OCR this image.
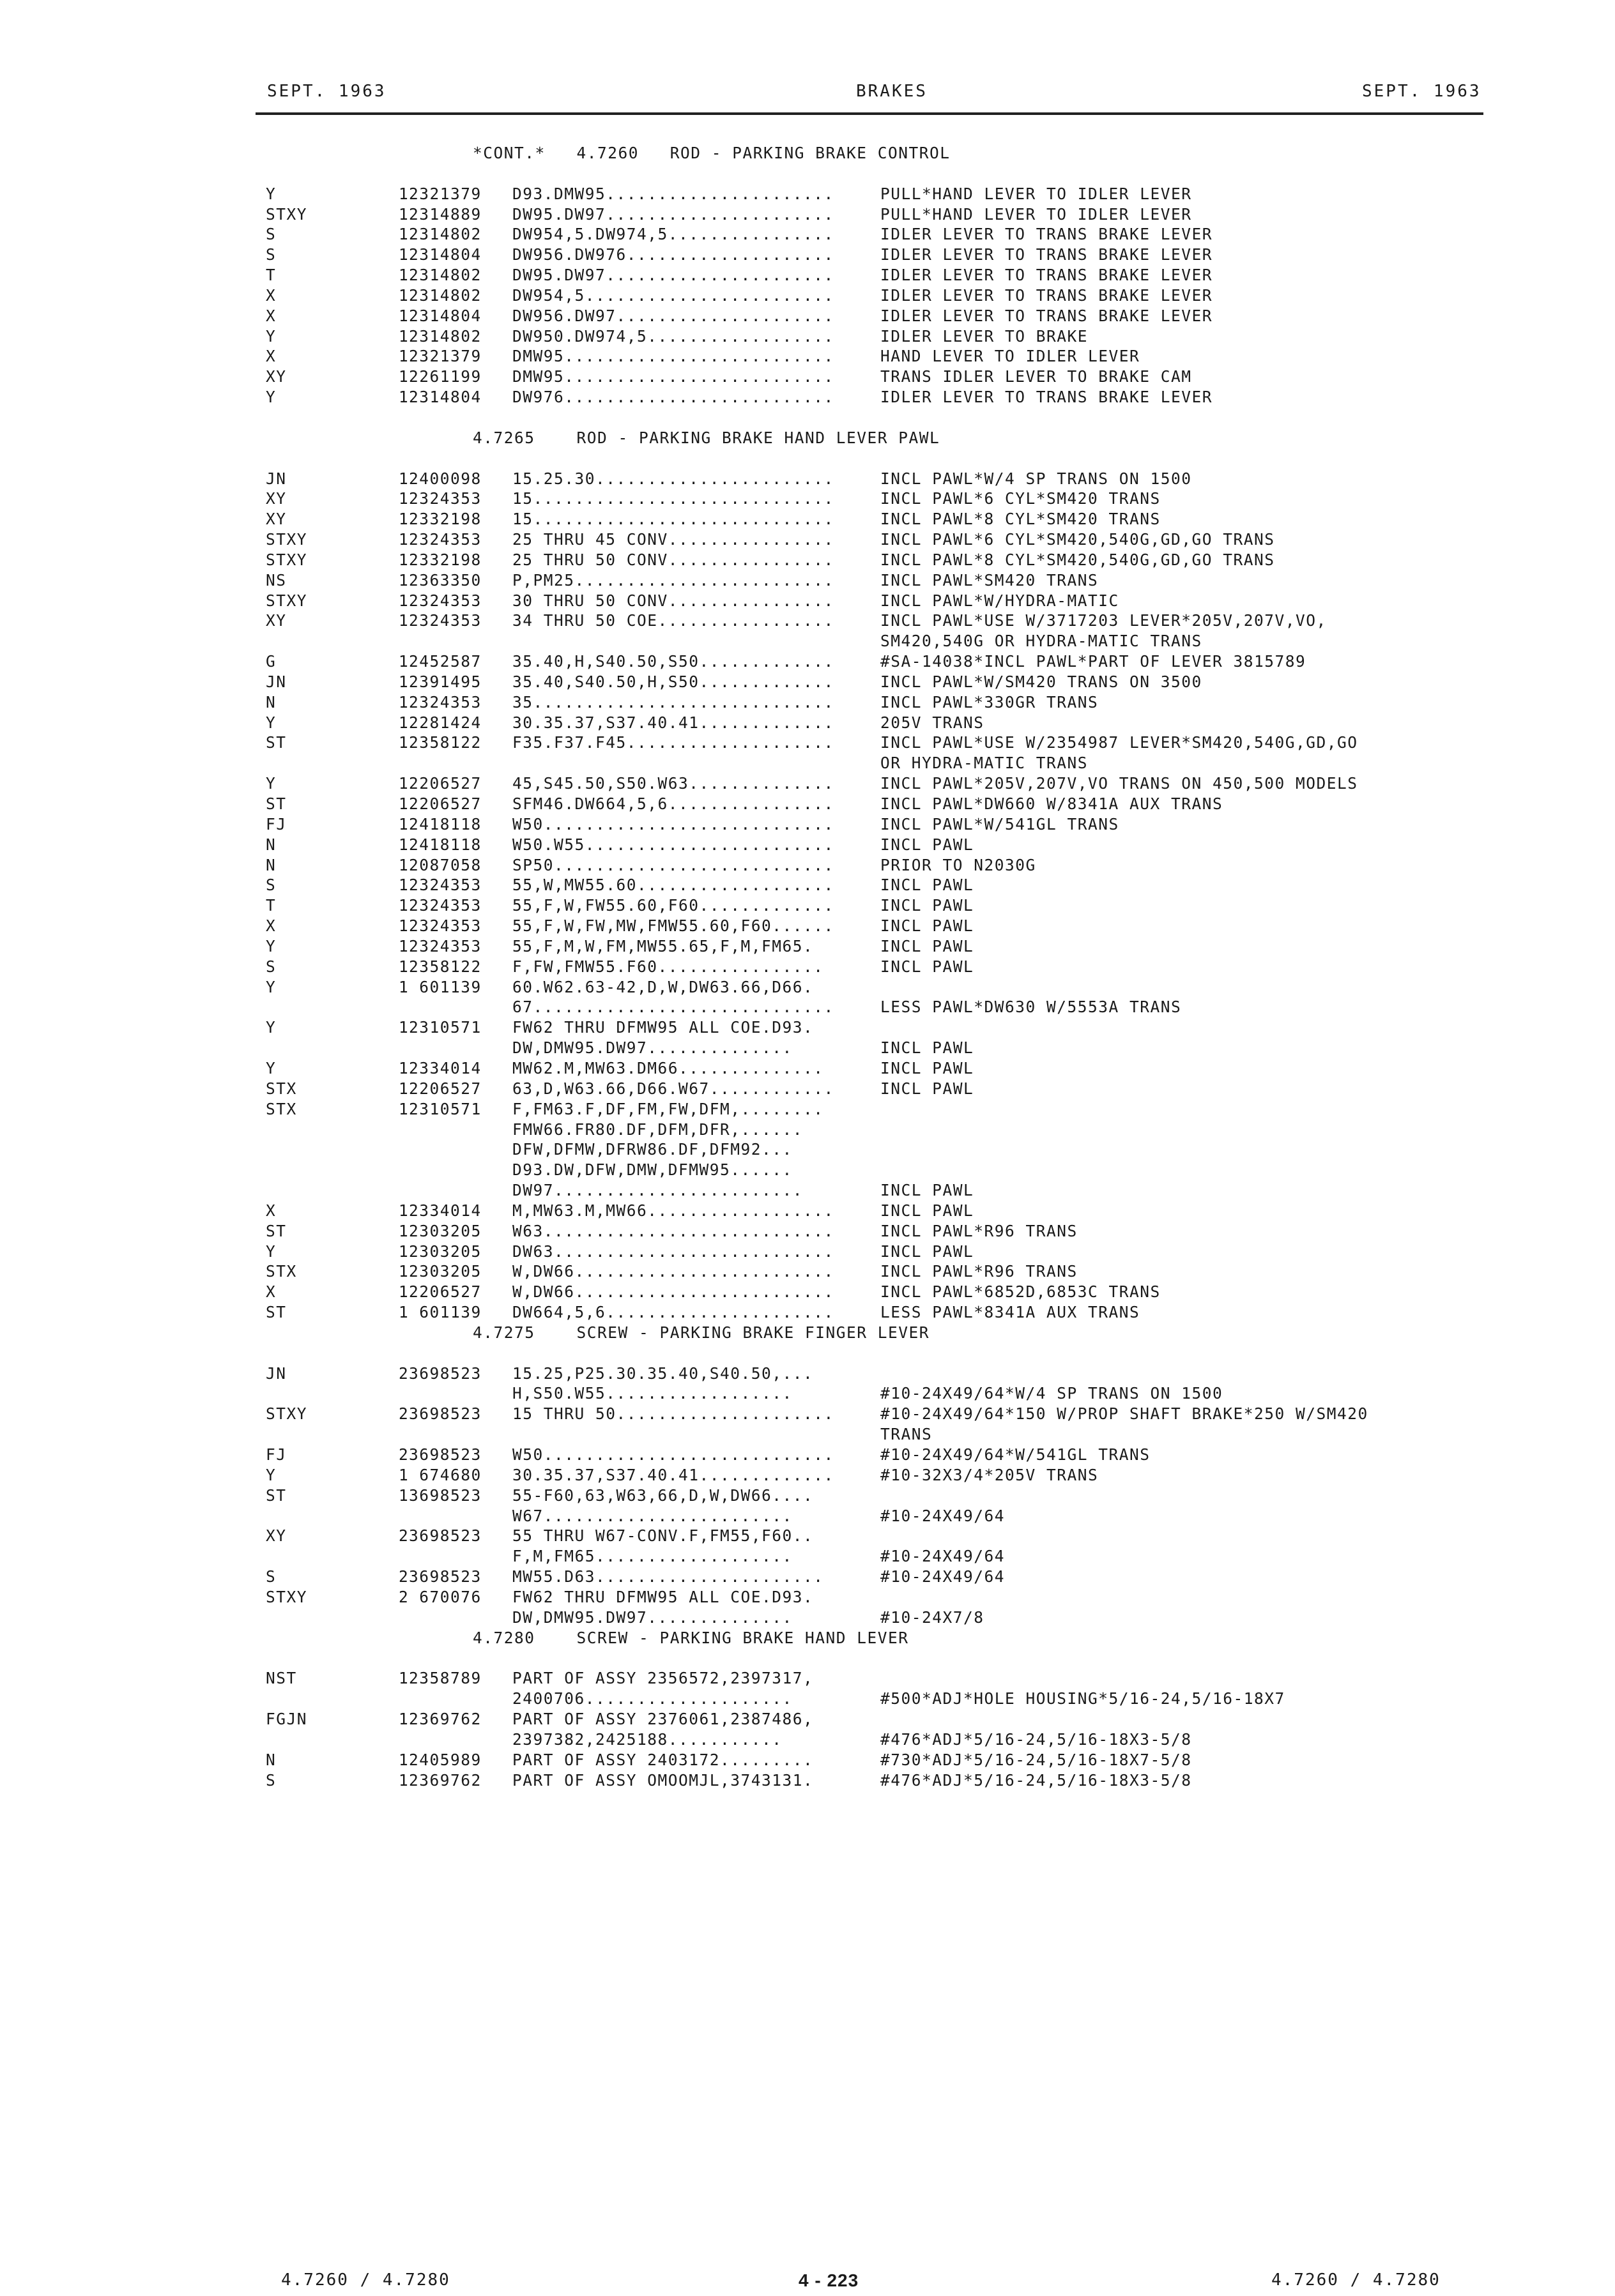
SEPT. 1963	BRAKES	SEPT. 1963
*CONT.*   4.7260   ROD - PARKING BRAKE CONTROL
Y	1 2321379 D93.DMW95......................	PULL*HAND LEVER TO IDLER LEVER
STXY	1 2314889 DW95.DW97......................	PULL*HAND LEVER TO IDLER LEVER
S	1 2314802 DW954,5.DW974,5................	IDLER LEVER TO TRANS BRAKE LEVER
S	1 2314804 DW956.DW976....................	IDLER LEVER TO TRANS BRAKE LEVER
T	1 2314802 DW95.DW97......................	IDLER LEVER TO TRANS BRAKE LEVER
X	1 2314802 DW954,5........................	IDLER LEVER TO TRANS BRAKE LEVER
X	1 2314804 DW956.DW97.....................	IDLER LEVER TO TRANS BRAKE LEVER
Y	1 2314802 DW950.DW974,5..................	IDLER LEVER TO BRAKE
X	1 2321379 DMW95..........................	HAND LEVER TO IDLER LEVER
XY	1 2261199 DMW95..........................	TRANS IDLER LEVER TO BRAKE CAM
Y	1 2314804 DW976..........................	IDLER LEVER TO TRANS BRAKE LEVER
4.7265    ROD - PARKING BRAKE HAND LEVER PAWL
JN	1 2400098 15.25.30.......................	INCL PAWL*W/4 SP TRANS ON 1500
XY	1 2324353 15.............................	INCL PAWL*6 CYL*SM420 TRANS
XY	1 2332198 15.............................	INCL PAWL*8 CYL*SM420 TRANS
STXY	1 2324353 25 THRU 45 CONV................	INCL PAWL*6 CYL*SM420,540G,GD,GO TRANS
STXY	1 2332198 25 THRU 50 CONV................	INCL PAWL*8 CYL*SM420,540G,GD,GO TRANS
NS	1 2363350 P,PM25.........................	INCL PAWL*SM420 TRANS
STXY	1 2324353 30 THRU 50 CONV................	INCL PAWL*W/HYDRA-MATIC
XY	1 2324353 34 THRU 50 COE.................	INCL PAWL*USE W/3717203 LEVER*205V,207V,VO,
SM420,540G OR HYDRA-MATIC TRANS
G	1 2452587 35.40,H,S40.50,S50.............	#SA-14038*INCL PAWL*PART OF LEVER 3815789
JN	1 2391495 35.40,S40.50,H,S50.............	INCL PAWL*W/SM420 TRANS ON 3500
N	1 2324353 35.............................	INCL PAWL*330GR TRANS
Y	1 2281424 30.35.37,S37.40.41.............	205V TRANS
ST	1 2358122 F35.F37.F45....................	INCL PAWL*USE W/2354987 LEVER*SM420,540G,GD,GO
OR HYDRA-MATIC TRANS
Y	1 2206527 45,S45.50,S50.W63..............	INCL PAWL*205V,207V,VO TRANS ON 450,500 MODELS
ST	1 2206527 SFM46.DW664,5,6................	INCL PAWL*DW660 W/8341A AUX TRANS
FJ	1 2418118 W50............................	INCL PAWL*W/541GL TRANS
N	1 2418118 W50.W55........................	INCL PAWL
N	1 2087058 SP50...........................	PRIOR TO N2030G
S	1 2324353 55,W,MW55.60...................	INCL PAWL
T	1 2324353 55,F,W,FW55.60,F60.............	INCL PAWL
X	1 2324353 55,F,W,FW,MW,FMW55.60,F60......	INCL PAWL
Y	1 2324353 55,F,M,W,FM,MW55.65,F,M,FM65.	INCL PAWL
S	1 2358122 F,FW,FMW55.F60................	INCL PAWL
Y	1 601139 60.W62.63-42,D,W,DW63.66,D66.
67.............................	LESS PAWL*DW630 W/5553A TRANS
Y	1 2310571 FW62 THRU DFMW95 ALL COE.D93.
DW,DMW95.DW97..............	INCL PAWL
Y	1 2334014 MW62.M,MW63.DM66..............	INCL PAWL
STX	1 2206527 63,D,W63.66,D66.W67............	INCL PAWL
STX	1 2310571 F,FM63.F,DF,FM,FW,DFM,........
FMW66.FR80.DF,DFM,DFR,......
DFW,DFMW,DFRW86.DF,DFM92...
D93.DW,DFW,DMW,DFMW95......
DW97........................	INCL PAWL
X	1 2334014 M,MW63.M,MW66..................	INCL PAWL
ST	1 2303205 W63............................	INCL PAWL*R96 TRANS
Y	1 2303205 DW63...........................	INCL PAWL
STX	1 2303205 W,DW66.........................	INCL PAWL*R96 TRANS
X	1 2206527 W,DW66.........................	INCL PAWL*6852D,6853C TRANS
ST	1 601139 DW664,5,6......................	LESS PAWL*8341A AUX TRANS
4.7275    SCREW - PARKING BRAKE FINGER LEVER
JN	2 3698523 15.25,P25.30.35.40,S40.50,...
H,S50.W55..................	#10-24X49/64*W/4 SP TRANS ON 1500
STXY	2 3698523 15 THRU 50.....................	#10-24X49/64*150 W/PROP SHAFT BRAKE*250 W/SM420
TRANS
FJ	2 3698523 W50............................	#10-24X49/64*W/541GL TRANS
Y	1 674680 30.35.37,S37.40.41.............	#10-32X3/4*205V TRANS
ST	1 3698523 55-F60,63,W63,66,D,W,DW66....
W67........................	#10-24X49/64
XY	2 3698523 55 THRU W67-CONV.F,FM55,F60..
F,M,FM65...................	#10-24X49/64
S	2 3698523 MW55.D63......................	#10-24X49/64
STXY	2 670076 FW62 THRU DFMW95 ALL COE.D93.
DW,DMW95.DW97..............	#10-24X7/8
4.7280    SCREW - PARKING BRAKE HAND LEVER
NST	1 2358789 PART OF ASSY 2356572,2397317,
2400706....................	#500*ADJ*HOLE HOUSING*5/16-24,5/16-18X7
FGJN	1 2369762 PART OF ASSY 2376061,2387486,
2397382,2425188...........	#476*ADJ*5/16-24,5/16-18X3-5/8
N	1 2405989 PART OF ASSY 2403172.........	#730*ADJ*5/16-24,5/16-18X7-5/8
S	1 2369762 PART OF ASSY OMOOMJL,3743131.	#476*ADJ*5/16-24,5/16-18X3-5/8
4.7260 / 4.7280	4 - 223	4.7260 / 4.7280
